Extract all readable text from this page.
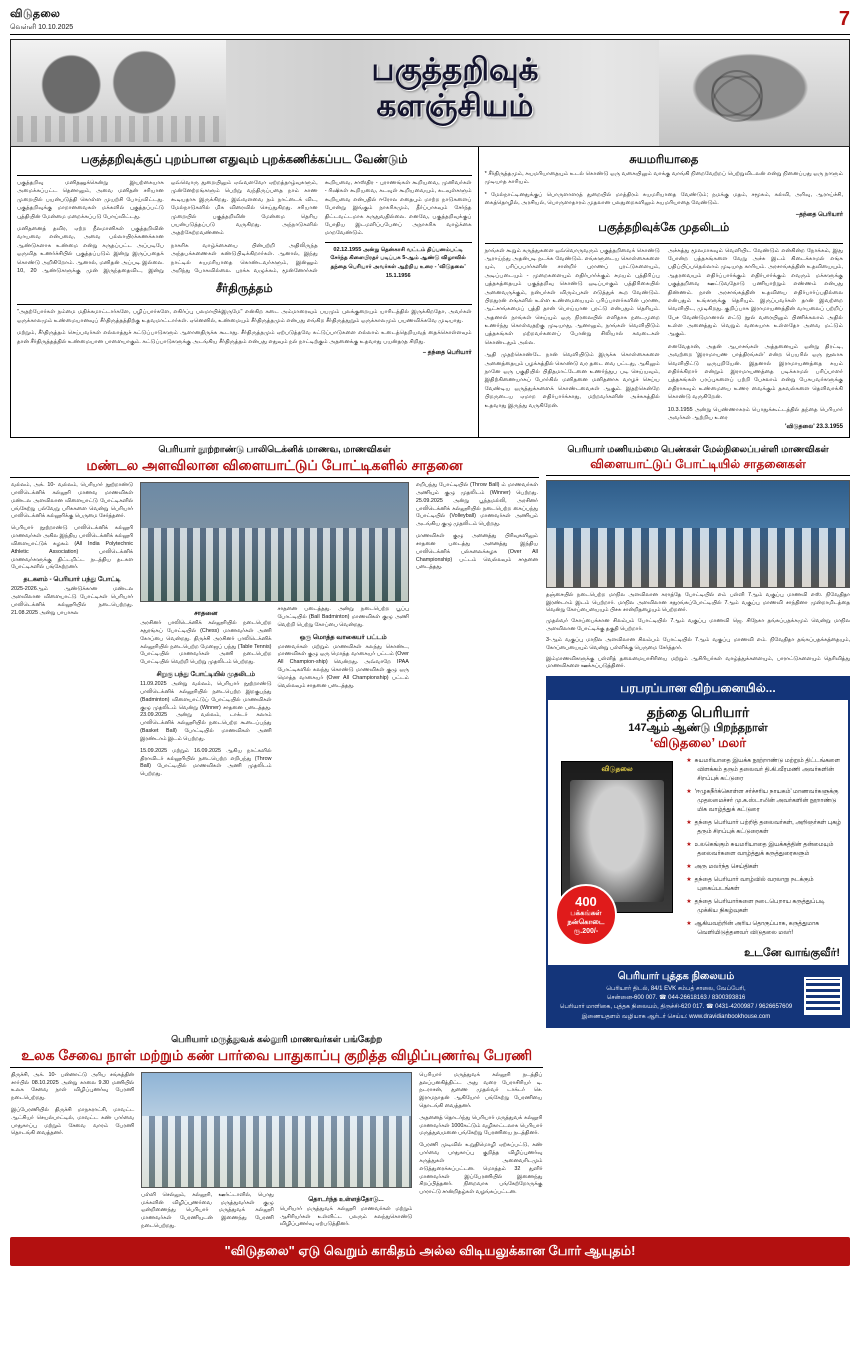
விடுதலை
வெள்ளி 10.10.2025	7
பகுத்தறிவுக்
களஞ்சியம்
பகுத்தறிவுக்குப் புறம்பான எதுவும் புறக்கணிக்கப்பட வேண்டும்

பகுத்தறிவு மனிதனுக்கென்று இயற்கையாக அமைக்கப்பட்ட தெனாலும், அவை மனிதன் சரியான முறையில் பயன்படுத்தி கொள்ள முயற்சி போய்விட்டது. பகுத்தறிவுக்கு மாறானவைகள் மக்களில் புகுத்தப்பட்டு புத்தியின் மேன்மை மறைக்கப்படு போய்விட்டது.

மனிதனைத் தவிர, ஏற்ற நீலமானிகள் பகுத்தறிவின் வாயவை என்பவை, அவை பல்லாயிரக்கணக்கான ஆண்டுகளாக உண்மை என்று கருதப்பட்ட அப்படிபே ஒருவித உணர்ச்சிபில் புகுத்தப்படும் இன்று இருப்பதைக் கொண்டு அறிகிறோம். ஆனால், மனிதன் அப்படி இல்லை. 10, 20 ஆண்டுகளுக்கு முன் இருந்ததைவிட, இன்று ஒவ்வொரு துறையிலும் ஏவ்வளவோ ஏற்றத்தாழ்வுகளும், முன்னேற்றங்களும் பெற்று வந்திருப்பதை நாம் காண கூடியதாக இருக்கிறது. இவ்வளவை நம் நாட்டைக் விட, மேல்நாடுகளில் மிக விரைவில் செய்துகிறது. சரியான முறையில் பகுத்தறிவின் மேன்மை தெரிய பயன்படுத்தப்படு வருகிறது. அந்நாடுகளில் அதற்கேற்றவண்ணம்

நாகரிக வாழ்க்கையை பின்பற்றி அதிலிருந்த அந்தபக்கணைகள் கண்டுபிடிக்கிறார்கள். ஆனால், இந்து நாட்டில் சுயமரியாதை கொண்டவர்களும், இன்னும் அறிந்து போகவில்லை. புரக்க வழுக்கம், மூன்னோர்கள் கூறியவை, சாஸ்திர - புராணங்கள் கூறியவை, முனிவர்கள் - ரிஷிகள் கூறியவை, கடவுள் கூறியவையும், கடவுள்களும் கூறியவை என்பதில் ஈரோல எதைபும் மாற்ற நாடுகளைப் போன்று இங்கும் நாகரிகமும், தீர்ப்பாகவும் சேர்ந்த திட்டவட்டமாக கருதுவதில்லை. எனவே, பகுத்தறிவுக்குப் போதிய இடமளிப்பபேனப் அநாகரிக வாழ்க்கை மாறவேண்டும்.

02.12.1955 அன்று தென்காசி வட்டம் திப்பனம்பட்டி சேர்ந்த கிளைபிரதர் படிப்பக 5-ஆம் ஆண்டு விழாவில் தந்தை பெரியார் அவர்கள் ஆற்றிய உரை - 'விடுதலை' 15.1.1956
சீர்திருத்தம்

"அதற்போர்கள் நம்மை மதிக்கமாட்டார்களே, பழிப்பார்களே, எகிர்ப்பு பலமாயிக்இருமே" என்கிற கடை அம்மாரைவும் பயமும் புலக்குறையும் யாரிடத்தில் இருக்கிறதோ, அவர்கள் ஒருக்காலமும் உண்மையானவுப் சீர்திருத்தத்திற்கு உதவமாட்டார்கள். ஏனெனில், உண்மையும் சீர்திருத்தமும் என்பது எங்கிற சீர்திருத்துறும் ஒருக்காலமும் பயணவிக்கவே முடியாது.

மற்றும், சீர்திருத்தம் செய்பவர்கள் எல்லாத்துச் கட்டுப்பாடுகளும் ஆளானதிருக்க கூடாது. சீர்திருத்தமும் ஏற்படுத்தவே கட்டுப்பாடுகளை எல்லாம் உடைத்தெறியவத் தைக்கொள்ளவும் தான் சீர்திருத்தத்தில் உண்மையான பாளையாகும். கட்டுப்பாடுகளுக்கு அடங்கிய சீர்திருத்தம் என்பது எதுவும் நல் நாட்டிற்கும் அதனைக்கு உதவாது பயன்தரத சிறிது.

– தந்தை பெரியார்
சுயமரியாதை

* சீர்திருத்தமும், சுயமரியாதையும் உடல் கொண்டு ஒரு வகையிலும் வாக்கு வாங்கி நிறைவேற்றப் பெற்றுவிடலன் என்று நினைப்பது ஒரு நாளும் முடியாத காரியம்.

* மேல்நாட்டினதுக்குப் பொருளாளரத் துறையில் மாத்திரம் சுயமரியாதை வேண்டும்; நமக்கு மதம், சமூகம், கல்வி, அரிவு, ஆராய்ச்சி, கைத்தொழில், அரசியல், பொருளாதாரம் முதலான பலதுறைகளிலும் சுயமரியாதை வேண்டும்.

–தந்தை பெரியார்
பகுத்தறிவுக்கே முதலிடம்

நாங்கள் கூறும் கருத்துகளை ஒவ்வொருவரும் பகுத்தறிவைக் கொண்டு ஆராய்ந்து அதன்படி நடக்க வேண்டும். எங்களுடைய கொள்கைகளை யும், பரிப்பபார்களின் சான்றிர் புராணப் புரட்டுகளையும், அடிப்படையும் - முறைகளையும் எதிர்பார்க்கும் சமயம் புத்திரிப்பு புத்தகத்தையும் பகுத்தறிவு கொண்டு ஒடிப்பாகும் பத்திரிகையில் அனைவருக்கும், நன்பர்கள் விரும்புகள் எடுத்துக் கூற வேண்டும். பிறதுரன் எங்களில் உள்ள உண்மையையும் பரிப்பாளர்களின் புராண, ஆட்சாங்கமைப் புத்தி தான் பொய்யான புரட்டு என்பதும் தெரியும். அதனால் நாங்கள் செய்யும் ஒரு நிரலையில் எளிதாக நடைமுறை உணர்ந்து கொள்வதற்கு முடியாது, ஆனாலும், நாங்கள் வெளியிடும் புத்தகங்கள் மற்றவர்களைப் போன்று சிலியால் கவடைகள் கொண்டதும் அல்ல.

ஆதி முதற்கொண்டே நான் வெளியிடும் இருக்க கொள்கைகளை அனைத்தையும் பழக்கத்தில் கொண்டு வர தடை வை பட்டது, ஆகிலும் நானே ஒரு பகுதியில் பிதிதமாட்டேனை உணர்ந்துப படி செய்யவும், இதிற்கிணையாகப் போர்கில் மனிதனை மனிதனாக வாழச் செய்ய வேண்டிய ஒருத்துக்களைக் கொண்டவைகள் ஆகும். இதற்கென்றே பிறருடைய ஏமாற எதிர்பார்க்காது, மற்றவர்களின் அச்சுகத்தில் உதவாது இருந்து வருகிறேன்.

அச்சுத்து மூலமாகவும் வெளியிட வேண்டும் என்கின்ற நோக்கம், இது போன்ற பத்தகங்களை வேறு அச்சு இடம் கிடைக்காமல் எங்க பதிப்பிப்பதெல்லாம் முடியாத காரியம். அரசாங்கத்தின் உதவியையும், ஆதரவையும் எதிர்ப்பார்க்கும் எதிர்பார்க்கும் எவரும் மக்களுக்கு பகுத்தறிவை ஊட்டுவதோடு பணியாற்றும் எண்ணம் என்பது திண்ணம். நான் அரசாங்கத்தின் உதவியை எதிர்பார்ப்பதில்லை என்பதும் உங்களுக்கு தெரியும். இருப்பவர்கள் தான் இவற்றை வெளியிட, முடிகிறது. குறிப்பாக இராமாயணத்தின் வாயலைப் பற்றிப் பேச வேண்டுமானால் எட்டு நூல் வரையிலும் பிணிக்கலாம் அதில் உள்ள அனைத்தும் வெறும் வகையாக உள்ளதோ அவை மட்டும் ஆகும்.

எனவேதான், அதன் ஆபாசங்கள் அத்தனையும் ஒன்று திரட்டி, அவற்றை 'இராமாயண பாத்திரங்கள்' என்ற பெயரில் ஒரு நூலாக வெளியிட்டு ஒருபுறியேன். இதனால் இராமாயணத்தை சுயம் எதிர்க்கிறார் என்றும் இராமாயணத்தை படிக்காமல் பரிப்பாளர் புத்தகங்கள் பரப்புகளைப் பற்றி பேசலாம் என்று பேசுபவர்களுக்கு எதிராகவும் உண்மையை உணர வைக்கும் தகவல்களை தெளிவாக்கி கொண்டு வருகிறேன்.

10.3.1955 அன்று பெண்ணாகரம் பொதுக்கூட்டத்தில் தந்தை பெரியார் அவர்கள் ஆற்றிய உரை

'விடுதலை' 23.3.1955
பெரியார் நூற்றாண்டு பாலிடெக்னிக் மாணவ, மாணவிகள்
மண்டல அளவிலான விளையாட்டுப் போட்டிகளில் சாதனை
வல்லம், அக். 10- வல்லம், பெரியார் நூற்றாண்டு பாலிடெக்னிக் கல்லூரி மாணவ மாணவிகள் மண்டல அளவிலான விளையாட்டு போட்டிகளில் பங்கேற்று பல்வேறு பரிசுகளை வென்று பெரியார் பாலிடெக்னிக் கல்லூரிக்கு பெருமை சேர்த்தனர்.
பெரியார் நூற்றாண்டு பாலிடெக்னிக் கல்லூரி மாணவர்கள் அகில இந்திய பாலிடெக்னிக் கல்லூரி விளையாட்டுக் கழகம் (All India Polytechnic Athletic Association) பாலிடெக்னிக் மாணவர்களுக்கு திட்டமிட்ட நடத்திய தடகள போட்டிகளில் பங்கேற்றனர்.
தடகளம் - பெரியார் பந்து போட்டி
2025-2026ஆம் ஆண்டுக்கான மண்டல அளவிலான விளையாட்டு போட்டிகள் பெரியார் பாலிடெக்னிக் கல்லூரியில் நடைபெற்றது. 21.08.2025 அன்று பாபாசுல	சாதனை
அரசினர் பாலிடெக்னிக் கல்லூரியில் நடைபெற்ற சதுரங்கப் போட்டியில் (Chess) மாணவர்கள் அணி கோப்பை வென்றது. திருச்சி அரசினர் பாலிடெக்னிக் கல்லூரியில் நடைபெற்ற மேஜைப் பந்து (Table Tennis) போட்டியில் மாணவர்கள் அணி நடைபெற்ற போட்டியில் வெற்றி பெற்று முதலிடம் பெற்றது.
சிறுகு பந்து போட்டியில் முதலிடம்
11.09.2025 அன்று வல்லம், பெரியார் நூற்றாண்டு பாலிடெக்னிக் கல்லூரியில் நடைபெற்ற இறகுபந்து (Badminton) விளையாட்டுப் போட்டியில் மாணவிகள் குழு முதலிடம் வென்று (Winner) சாதனை படைத்தது. 23.09.2025 அன்று வல்லம், டாக்டர் கலாம் பாலிடெக்னிக் கல்லூரியில் நடைபெற்ற கூடைப்பந்து (Basket Ball) போட்டியில் மாணவிகள் அணி இரண்டாம் இடம் பெற்றது.
15.09.2025 மற்றும் 16.09.2025 ஆகிய நாட்களில் திராவிடர் கல்லூரியில் நடைபெற்ற எறிபந்து (Throw Ball) போட்டியில் மாணவிகள் அணி முதலிடம் பெற்றது.
சாதனை படைத்தது. அன்று நடைபெற்ற பூப்பு போட்டியில் (Ball Badminton) மாணவிகள் குழு அணி வெற்றி பெற்று கோப்பை வென்றது.
ஒரு மொத்த வாகையர் பட்டம்
மாணவர்கள் மற்றும் மாணவிகள் கலந்து கொண்ட, மாணவிகள் குழு ஒரு மொத்த வாகையர் பட்டம் (Over All Champion-ship) வென்றது. அவ்வாறே IPAA போட்டிகளில் கலந்து கொண்டு மாணவிகள் குழு ஒரு மொத்த வாகையர் (Over All Championship) பட்டம் வெல்லவும் சாதனை படைத்தது.
எறிபந்து போட்டியில் (Throw Ball) ம் மாணவர்கள் அணியும் குழு முதலிடம் (Winner) பெற்றது. 25.09.2025 அன்று பூந்தமல்லி, அரசினர் பாலிடெக்னிக் கல்லூரியில் நடைபெற்ற கைப்பந்து போட்டியில் (Volleyball) மாணவர்கள் அணியும் அடங்கிய குழு முதலிடம் பெற்றது.
மாணவிகள் குழு அனைத்து பிரிவுகளிலும் சாதனை படைத்து அனைத்து இந்திய பாலிடெக்னிக் பல்கலைக்கழக (Over All Championship) பட்டம் வெல்லவும் சாதனை படைத்தது.
பெரியார் மணியம்மை பெண்கள் மேல்நிலைப்பள்ளி மாணவிகள்
விளையாட்டுப் போட்டியில் சாதனைகள்
தஞ்சையில் நடைபெற்ற மாநில அளவிலான கராத்தே போட்டியில் எம் பள்ளி 7ஆம் வகுப்பு மாணவி எஸ். நிவேதிதா இரண்டாம் இடம் பெற்றார். மாநில அளவிலான சதுரங்கப்போட்டியில் 7ஆம் வகுப்பு மாணவி சாந்தினா முன்றாமிடத்தை வென்று கோப்பையையும் பிசசு சான்றிதழையும் பெற்றனர்.
முதல்வர் கோப்பைக்கான சிலம்பம் போட்டியில் 7ஆம் வகுப்பு மாணவி ஜெ. சிநேகா தங்கப்பதக்கமும் வென்று மாநில அளவிலான போட்டிக்கு தகுதி பெற்றார்.
3-ஆம் வகுப்பு மாநில அளவிலான சிலம்பம் போட்டியில் 7ஆம் வகுப்பு மாணவி எம். நிவேதிதா தங்கப்பதக்கத்தையும், கோப்பையையும் வென்று பள்ளிக்கு பெருமை சேர்த்தார்.
இம்மாணவிகளுக்கு பள்ளித் தலைமையாசிரியை மற்றும் ஆசிரியர்கள் வாழ்த்துக்களையும், பாராட்டுகளையும் தெரிவித்து மாணவிகளை ஊக்கப்படுத்தினர்.
பரபரப்பான விற்பனையில்...
தந்தை பெரியார்
147ஆம் ஆண்டு பிறந்தநாள்
‘விடுதலை’ மலர்
விடுதலை
400
பக்கங்கள்
நன்கொடை
ரூ.200/-
★ சுயமரியாதை இயக்க நூற்றாண்டு மற்றும் திட்டங்களை விளக்கம் தரும் தலைவர் தி.கி.வீரமணி அவர்களின் சிறப்புக் கட்டுரை
★ ‘ஈழுகநீர்க்கொள்ள சர்ச்சரிய நாயகம்’ மாணவர்களுக்கு முதலமைச்சர் மு.க.ஸ்டாலின் அவர்களின் நூறாண்டு மிக வாழ்த்துக் கட்டுரை
★ தந்தை பெரியார் பற்றித் தலைவர்கள், அறிஞர்கள் புகழ் தரும் சிறப்புக் கட்டுரைகள்
★ உலகெங்கும் சுயமரியாதை இயக்கத்தின் தன்மையும் தலைவர்களை வாழ்த்துக் கருத்துரைகளும்
★ அரு மலர்ந்த செய்திகள்
★ தந்தை பெரியார் வாழ்வில் வரலாறு நடக்கும் புகைப்படங்கள்
★ தந்தை பெரியார்களை நடைபெறாய கருத்துப்படி முக்கிய நிகழ்வுகள்
★ ஆகியவற்றின் அரிய தொகுப்பாக, கருத்துமாக வெளியிடுத்தனவர் விடுதலை மலர்!
உடனே வாங்குவீர்!
பெரியார் புத்தக நிலையம்
பெரியார் திடல், 84/1 EVK சம்பத் சாலை, வேப்பேரி,
சென்னை-600 007. ☎ 044-26618163 / 8300393816
பெரியார் மாளிகை, புத்தக நிலையம், திருச்சி-620 017. ☎ 0431-4200987 / 9626657609
இணையதளம் வழியாக ஆர்டர் செய்ய: www.dravidianbookhouse.com
பெரியார் மருத்துவக் கல்லூரி மாணவர்கள் பங்கேற்ற
உலக சேவை நாள் மற்றும் கண் பார்வை பாதுகாப்பு குறித்த விழிப்புணர்வு பேரணி
திருச்சி, அக். 10- பன்னாட்டு அரிய சங்கத்தின் சார்பில் 08.10.2025 அன்று காலை 9.30 மணியில் உலக சேவை நாள் விழிப்புணர்வு பேரணி நடைபெற்றது.
இப்பேரணியில் திருச்சி மாநகராட்சி, மாவட்ட ஆட்சியர் செயல்பாட்டில், மாவட்ட கண் பார்வை பாதுகாப்பு மற்றும் சேவை வாரம் பேரணி தொடங்கி வைத்தனர்.
பள்ளி செல்லும், கல்லூரி, ஊர்ட்டாளில், பொது மக்களின் விழிப்புணர்வை மருத்துவர்கள் குழு ஒன்றிணைந்து பெரியார் மருத்துவக் கல்லூரி மாணவர்கள் பேரணியுடன் இணைந்து பேரணி நடைபெற்றது.
தொடர்ந்த உள்ளத்தோடு...
பெரியார் மருத்துவக் கல்லூரி மாணவர்கள் மற்றும் ஆசிரியர்கள் உள்ளிட்ட பலரும் கலந்துகொண்டு விழிப்புணர்வு ஏற்படுத்தினர்.
பெரியார் மருத்துவக் கல்லூரி நடத்திப் தலப்பனகித்திட்ட அது வரை பேராசிரியர் டி. நடராசன், துணை முதல்வர் டாக்டர் செ. இராமநாதன் ஆகியோர் பங்கேற்று பேரணியை தொடங்கி வைத்தனர்.
அதனைத் தொடர்ந்து பெரியார் மருத்துவக் கல்லூரி மாணவர்கள் 1000கட்டும் வழிகாட்டலாக பெரியார் மருத்துவமனை பங்கேற்று பேரணியை நடத்தினர்.
பேரணி முடிவில் உறுதிமொழி ஏற்கப்பட்டு, கண் பார்வை பாதுகாப்பு குறித்த விழிப்புணர்வு கருத்துகள் அனைவரிடமும் எடுத்துரைக்கப்பட்டன. மொத்தம் 32 துளிர் மாணவர்கள் இப்பேரணியில் இணைந்து சிறப்பித்தனர். நிறைவாக பங்கேற்றோருக்கு பாராட்டு சான்றிதழ்கள் வழங்கப்பட்டன.
"விடுதலை" ஏடு வெறும் காகிதம் அல்ல விடியலுக்கான போர் ஆயுதம்!
